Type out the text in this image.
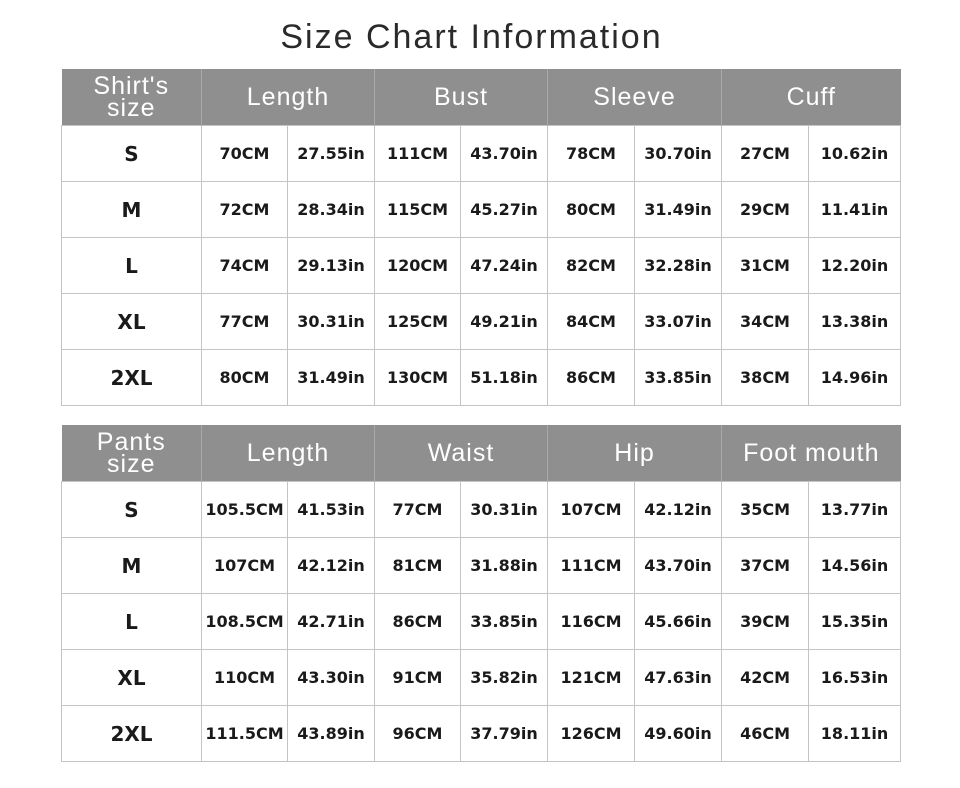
Size Chart Information
Shirt's
size	Length		Bust		Sleeve		Cuff	
S	70CM	27.55in	111CM	43.70in	78CM	30.70in	27CM	10.62in
M	72CM	28.34in	115CM	45.27in	80CM	31.49in	29CM	11.41in
L	74CM	29.13in	120CM	47.24in	82CM	32.28in	31CM	12.20in
XL	77CM	30.31in	125CM	49.21in	84CM	33.07in	34CM	13.38in
2XL	80CM	31.49in	130CM	51.18in	86CM	33.85in	38CM	14.96in
Pants
size	Length		Waist		Hip		Foot mouth	
S	105.5CM	41.53in	77CM	30.31in	107CM	42.12in	35CM	13.77in
M	107CM	42.12in	81CM	31.88in	111CM	43.70in	37CM	14.56in
L	108.5CM	42.71in	86CM	33.85in	116CM	45.66in	39CM	15.35in
XL	110CM	43.30in	91CM	35.82in	121CM	47.63in	42CM	16.53in
2XL	111.5CM	43.89in	96CM	37.79in	126CM	49.60in	46CM	18.11in
